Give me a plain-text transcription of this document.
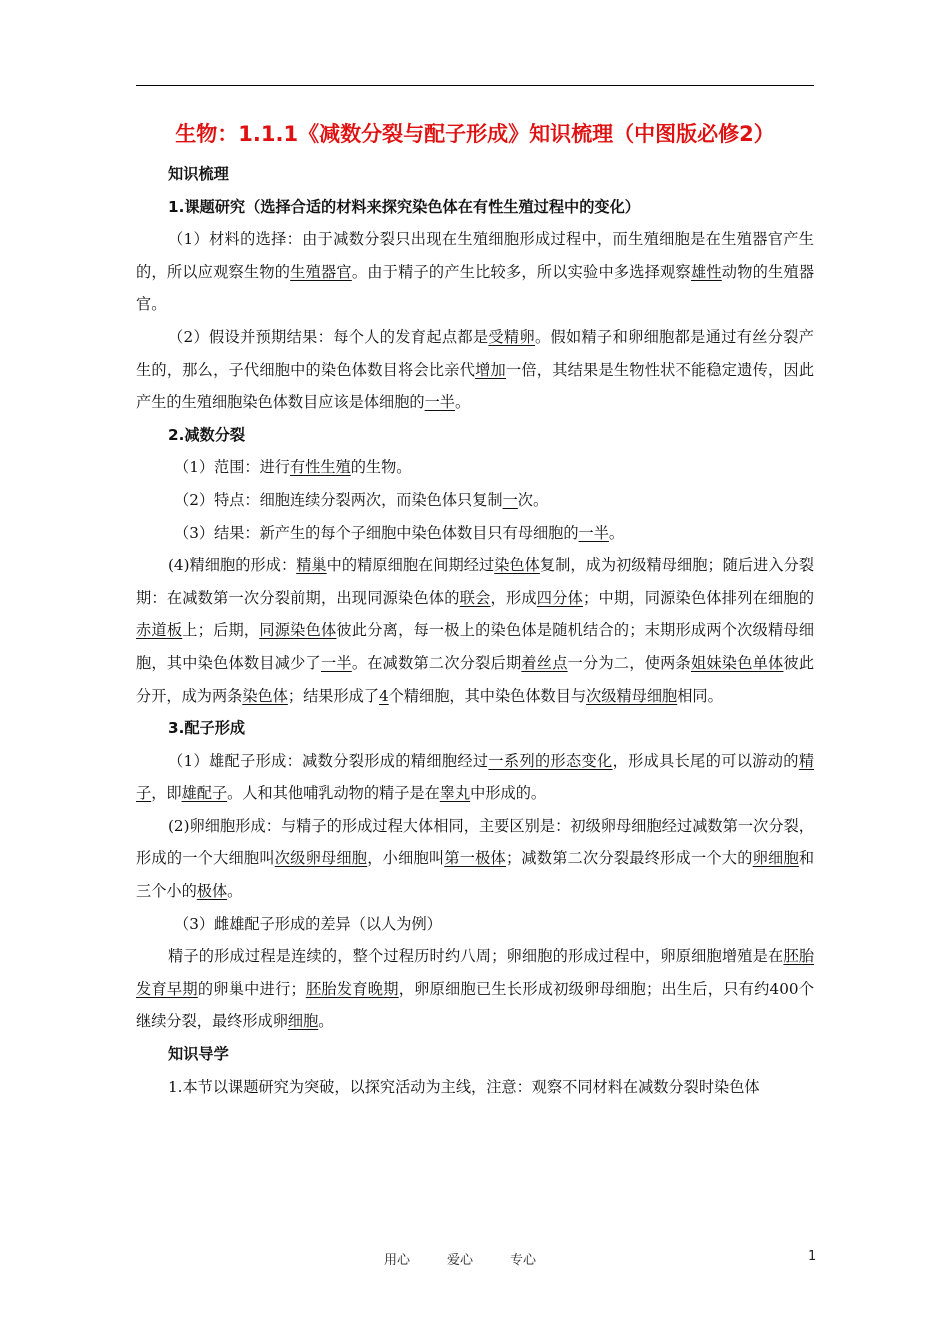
生物：1.1.1《减数分裂与配子形成》知识梳理（中图版必修2）

知识梳理

1.课题研究（选择合适的材料来探究染色体在有性生殖过程中的变化）

（1）材料的选择：由于减数分裂只出现在生殖细胞形成过程中，而生殖细胞是在生殖器官产生的，所以应观察生物的生殖器官。由于精子的产生比较多，所以实验中多选择观察雄性动物的生殖器官。

（2）假设并预期结果：每个人的发育起点都是受精卵。假如精子和卵细胞都是通过有丝分裂产生的，那么，子代细胞中的染色体数目将会比亲代增加一倍，其结果是生物性状不能稳定遗传，因此产生的生殖细胞染色体数目应该是体细胞的一半。

2.减数分裂

（1）范围：进行有性生殖的生物。

（2）特点：细胞连续分裂两次，而染色体只复制一次。

（3）结果：新产生的每个子细胞中染色体数目只有母细胞的一半。

(4)精细胞的形成：精巢中的精原细胞在间期经过染色体复制，成为初级精母细胞；随后进入分裂期：在减数第一次分裂前期，出现同源染色体的联会，形成四分体；中期，同源染色体排列在细胞的赤道板上；后期，同源染色体彼此分离，每一极上的染色体是随机结合的；末期形成两个次级精母细胞，其中染色体数目减少了一半。在减数第二次分裂后期着丝点一分为二，使两条姐妹染色单体彼此分开，成为两条染色体；结果形成了4个精细胞，其中染色体数目与次级精母细胞相同。

3.配子形成

（1）雄配子形成：减数分裂形成的精细胞经过一系列的形态变化，形成具长尾的可以游动的精子，即雄配子。人和其他哺乳动物的精子是在睾丸中形成的。

(2)卵细胞形成：与精子的形成过程大体相同，主要区别是：初级卵母细胞经过减数第一次分裂，形成的一个大细胞叫次级卵母细胞，小细胞叫第一极体；减数第二次分裂最终形成一个大的卵细胞和三个小的极体。

（3）雌雄配子形成的差异（以人为例）

精子的形成过程是连续的，整个过程历时约八周；卵细胞的形成过程中，卵原细胞增殖是在胚胎发育早期的卵巢中进行；胚胎发育晚期，卵原细胞已生长形成初级卵母细胞；出生后，只有约400个继续分裂，最终形成卵细胞。

知识导学

1.本节以课题研究为突破，以探究活动为主线，注意：观察不同材料在减数分裂时染色体

用心	爱心	专心	1
